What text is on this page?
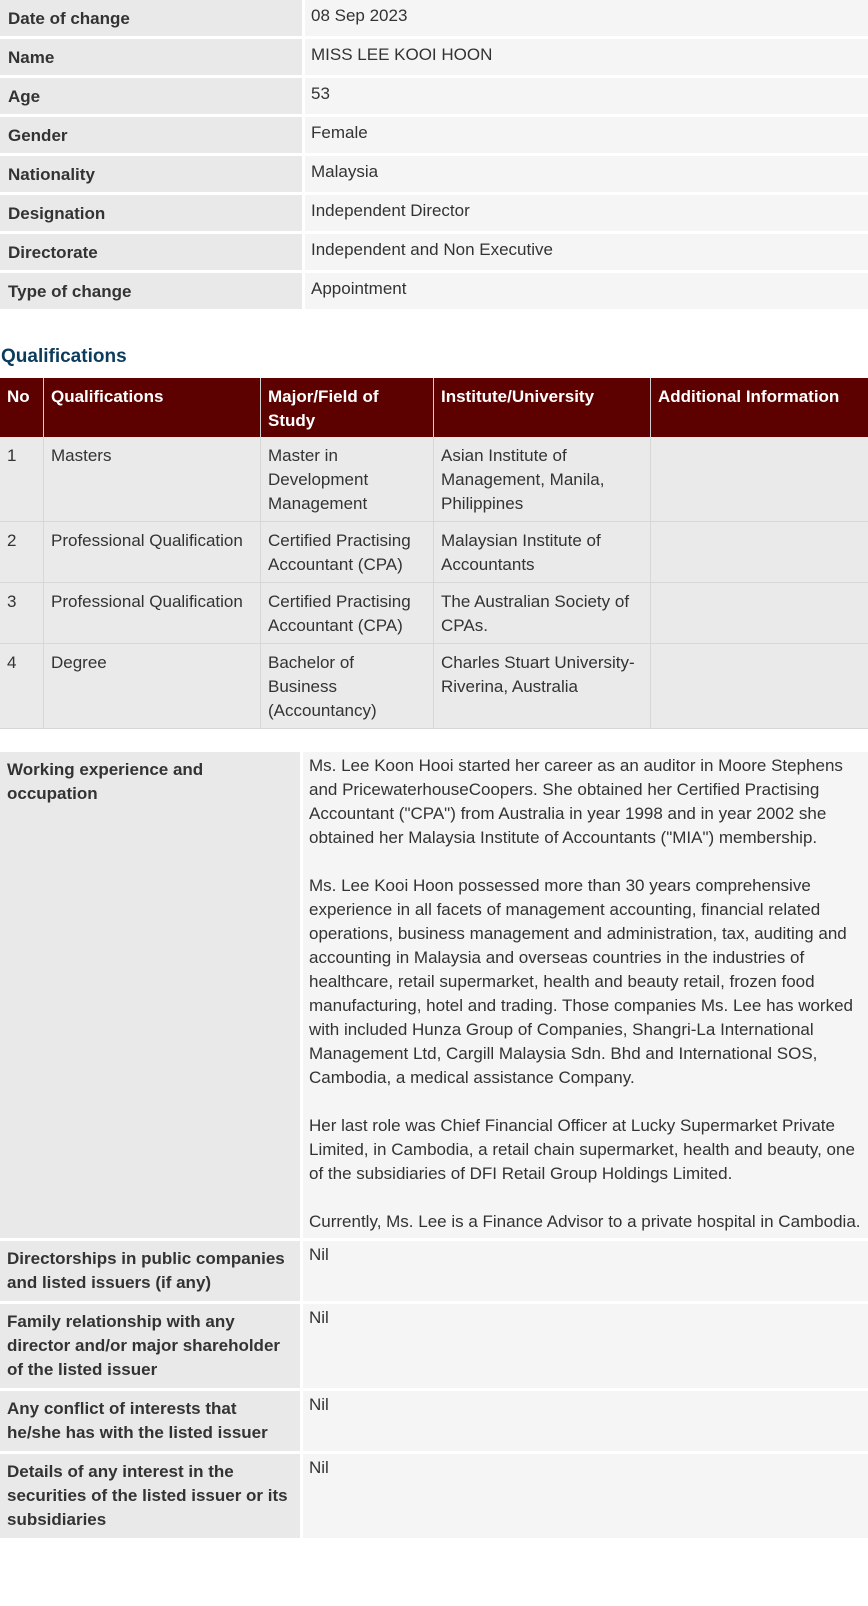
Date of change	08 Sep 2023
Name	MISS LEE KOOI HOON
Age	53
Gender	Female
Nationality	Malaysia
Designation	Independent Director
Directorate	Independent and Non Executive
Type of change	Appointment
Qualifications
No	Qualifications	Major/Field of Study	Institute/University	Additional Information
1	Masters	Master in Development Management	Asian Institute of Management, Manila, Philippines	
2	Professional Qualification	Certified Practising Accountant (CPA)	Malaysian Institute of Accountants	
3	Professional Qualification	Certified Practising Accountant (CPA)	The Australian Society of CPAs.	
4	Degree	Bachelor of Business (Accountancy)	Charles Stuart University-Riverina, Australia	
Working experience and occupation	Ms. Lee Koon Hooi started her career as an auditor in Moore Stephens and PricewaterhouseCoopers. She obtained her Certified Practising Accountant ("CPA") from Australia in year 1998 and in year 2002 she obtained her Malaysia Institute of Accountants ("MIA") membership.

Ms. Lee Kooi Hoon possessed more than 30 years comprehensive experience in all facets of management accounting, financial related operations, business management and administration, tax, auditing and accounting in Malaysia and overseas countries in the industries of healthcare, retail supermarket, health and beauty retail, frozen food manufacturing, hotel and trading. Those companies Ms. Lee has worked with included Hunza Group of Companies, Shangri-La International Management Ltd, Cargill Malaysia Sdn. Bhd and International SOS, Cambodia, a medical assistance Company.

Her last role was Chief Financial Officer at Lucky Supermarket Private Limited, in Cambodia, a retail chain supermarket, health and beauty, one of the subsidiaries of DFI Retail Group Holdings Limited.

Currently, Ms. Lee is a Finance Advisor to a private hospital in Cambodia.

Directorships in public companies and listed issuers (if any)	Nil
Family relationship with any director and/or major shareholder of the listed issuer	Nil
Any conflict of interests that he/she has with the listed issuer	Nil
Details of any interest in the securities of the listed issuer or its subsidiaries	Nil
